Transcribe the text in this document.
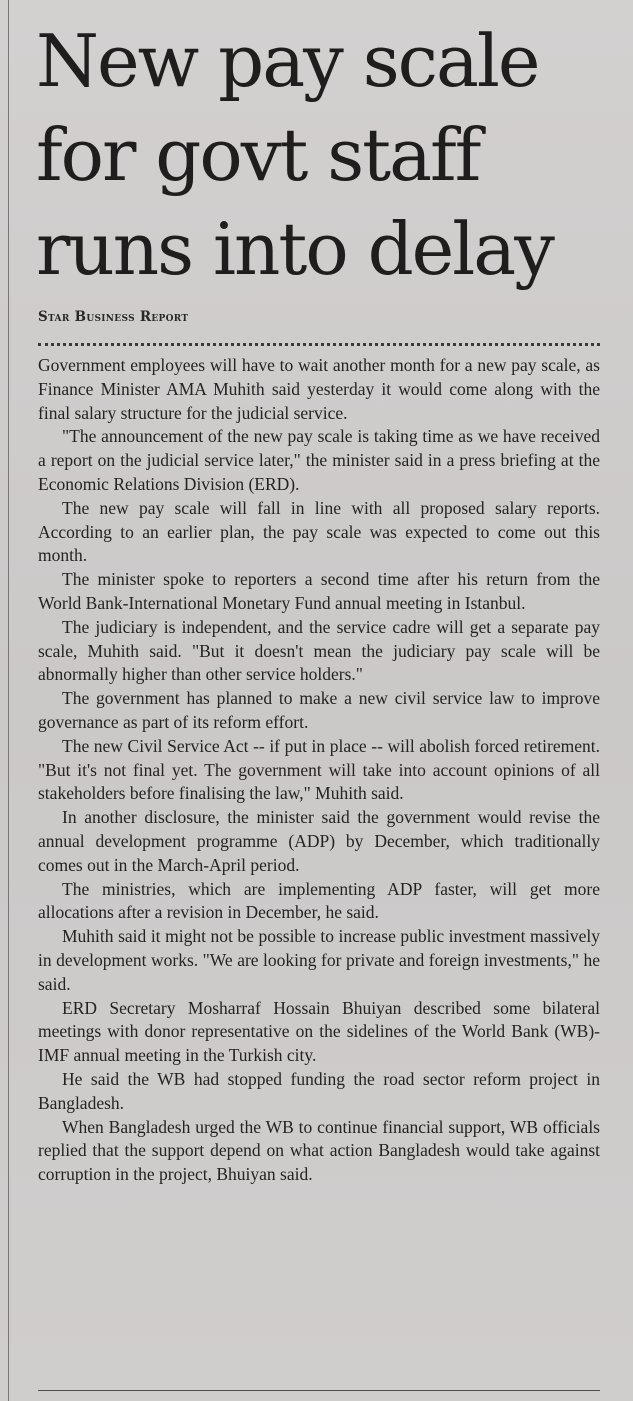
New pay scale
for govt staff
runs into delay
Star Business Report

Government employees will have to wait another month for a new pay scale, as Finance Minister AMA Muhith said yesterday it would come along with the final salary structure for the judicial service.

"The announcement of the new pay scale is taking time as we have received a report on the judicial service later," the minister said in a press briefing at the Economic Relations Division (ERD).

The new pay scale will fall in line with all proposed salary reports. According to an earlier plan, the pay scale was expected to come out this month.

The minister spoke to reporters a second time after his return from the World Bank-International Monetary Fund annual meeting in Istanbul.

The judiciary is independent, and the service cadre will get a separate pay scale, Muhith said. "But it doesn't mean the judiciary pay scale will be abnormally higher than other service holders."

The government has planned to make a new civil service law to improve governance as part of its reform effort.

The new Civil Service Act -- if put in place -- will abolish forced retirement. "But it's not final yet. The government will take into account opinions of all stakeholders before finalising the law," Muhith said.

In another disclosure, the minister said the government would revise the annual development programme (ADP) by December, which traditionally comes out in the March-April period.

The ministries, which are implementing ADP faster, will get more allocations after a revision in December, he said.

Muhith said it might not be possible to increase public investment massively in development works. "We are looking for private and foreign investments," he said.

ERD Secretary Mosharraf Hossain Bhuiyan described some bilateral meetings with donor representative on the sidelines of the World Bank (WB)-IMF annual meeting in the Turkish city.

He said the WB had stopped funding the road sector reform project in Bangladesh.

When Bangladesh urged the WB to continue financial support, WB officials replied that the support depend on what action Bangladesh would take against corruption in the project, Bhuiyan said.
